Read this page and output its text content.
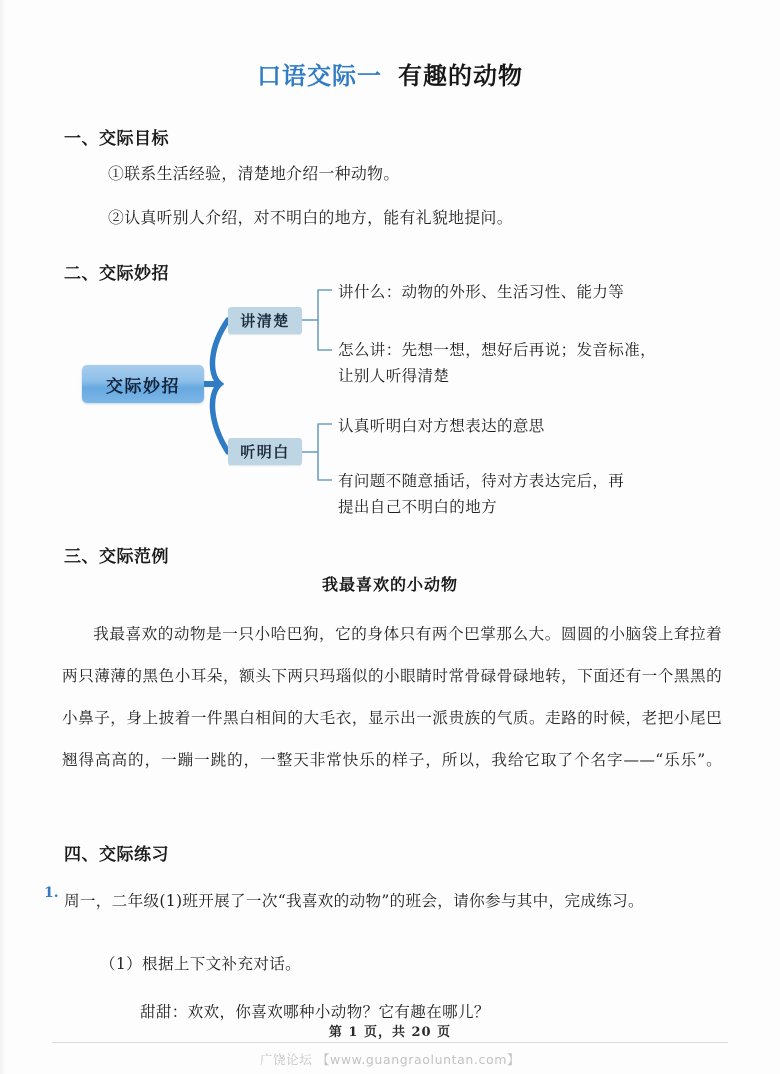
口语交际一 有趣的动物
一、交际目标
①联系生活经验，清楚地介绍一种动物。
②认真听别人介绍，对不明白的地方，能有礼貌地提问。
二、交际妙招
交际妙招
讲清楚
听明白
讲什么：动物的外形、生活习性、能力等
怎么讲：先想一想，想好后再说；发音标准，
让别人听得清楚
认真听明白对方想表达的意思
有问题不随意插话，待对方表达完后，再
提出自己不明白的地方
三、交际范例
我最喜欢的小动物
我最喜欢的动物是一只小哈巴狗，它的身体只有两个巴掌那么大。圆圆的小脑袋上耷拉着两只薄薄的黑色小耳朵，额头下两只玛瑙似的小眼睛时常骨碌骨碌地转，下面还有一个黑黑的小鼻子，身上披着一件黑白相间的大毛衣，显示出一派贵族的气质。走路的时候，老把小尾巴翘得高高的，一蹦一跳的，一整天非常快乐的样子，所以，我给它取了个名字——“乐乐”。
四、交际练习
1. 周一，二年级(1)班开展了一次“我喜欢的动物”的班会，请你参与其中，完成练习。
（1）根据上下文补充对话。
甜甜：欢欢，你喜欢哪种小动物？它有趣在哪儿？
第 1 页，共 20 页
广饶论坛 【www.guangraoluntan.com】
